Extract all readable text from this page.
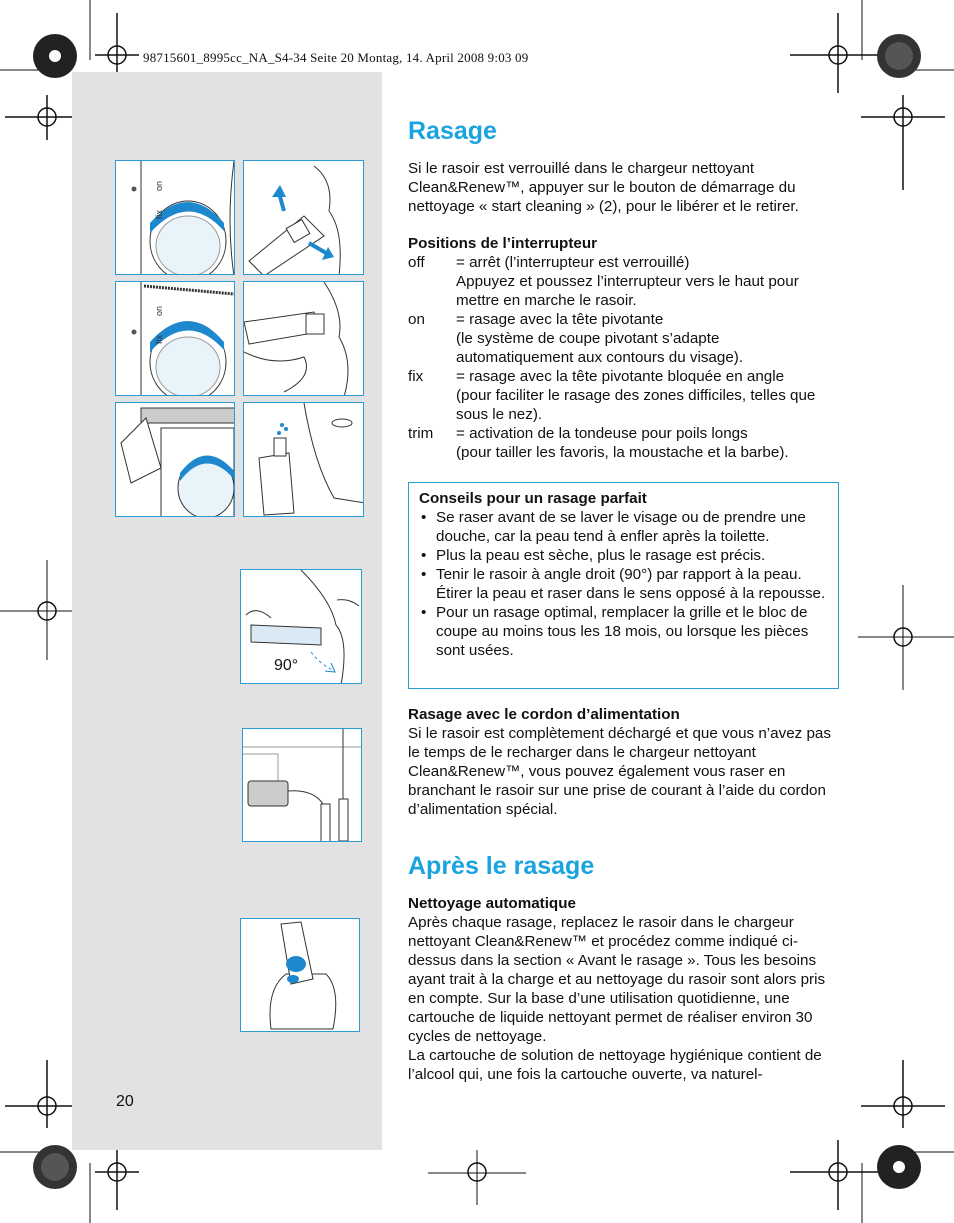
98715601_8995cc_NA_S4-34 Seite 20 Montag, 14. April 2008 9:03 09
fix
on
fix
on
90°
Rasage
Si le rasoir est verrouillé dans le chargeur nettoyant Clean&Renew™, appuyer sur le bouton de démarrage du nettoyage « start cleaning » (2), pour le libérer et le retirer.
Positions de l’interrupteur
off	= arrêt (l’interrupteur est verrouillé)
Appuyez et poussez l’interrupteur vers le haut pour mettre en marche le rasoir.
on	= rasage avec la tête pivotante
(le système de coupe pivotant s’adapte automatiquement aux contours du visage).
fix	= rasage avec la tête pivotante bloquée en angle
(pour faciliter le rasage des zones difficiles, telles que sous le nez).
trim	= activation de la tondeuse pour poils longs
(pour tailler les favoris, la moustache et la barbe).
Conseils pour un rasage parfait
• Se raser avant de se laver le visage ou de prendre une douche, car la peau tend à enfler après la toilette.
• Plus la peau est sèche, plus le rasage est précis.
• Tenir le rasoir à angle droit (90°) par rapport à la peau. Étirer la peau et raser dans le sens opposé à la repousse.
• Pour un rasage optimal, remplacer la grille et le bloc de coupe au moins tous les 18 mois, ou lorsque les pièces sont usées.
Rasage avec le cordon d’alimentation
Si le rasoir est complètement déchargé et que vous n’avez pas le temps de le recharger dans le chargeur nettoyant Clean&Renew™, vous pouvez également vous raser en branchant le rasoir sur une prise de courant à l’aide du cordon d’alimentation spécial.
Après le rasage
Nettoyage automatique
Après chaque rasage, replacez le rasoir dans le chargeur nettoyant Clean&Renew™ et procédez comme indiqué ci-dessus dans la section « Avant le rasage ». Tous les besoins ayant trait à la charge et au nettoyage du rasoir sont alors pris en compte. Sur la base d’une utilisation quotidienne, une cartouche de liquide nettoyant permet de réaliser environ 30 cycles de nettoyage.
La cartouche de solution de nettoyage hygiénique contient de l’alcool qui, une fois la cartouche ouverte, va naturel-
20
